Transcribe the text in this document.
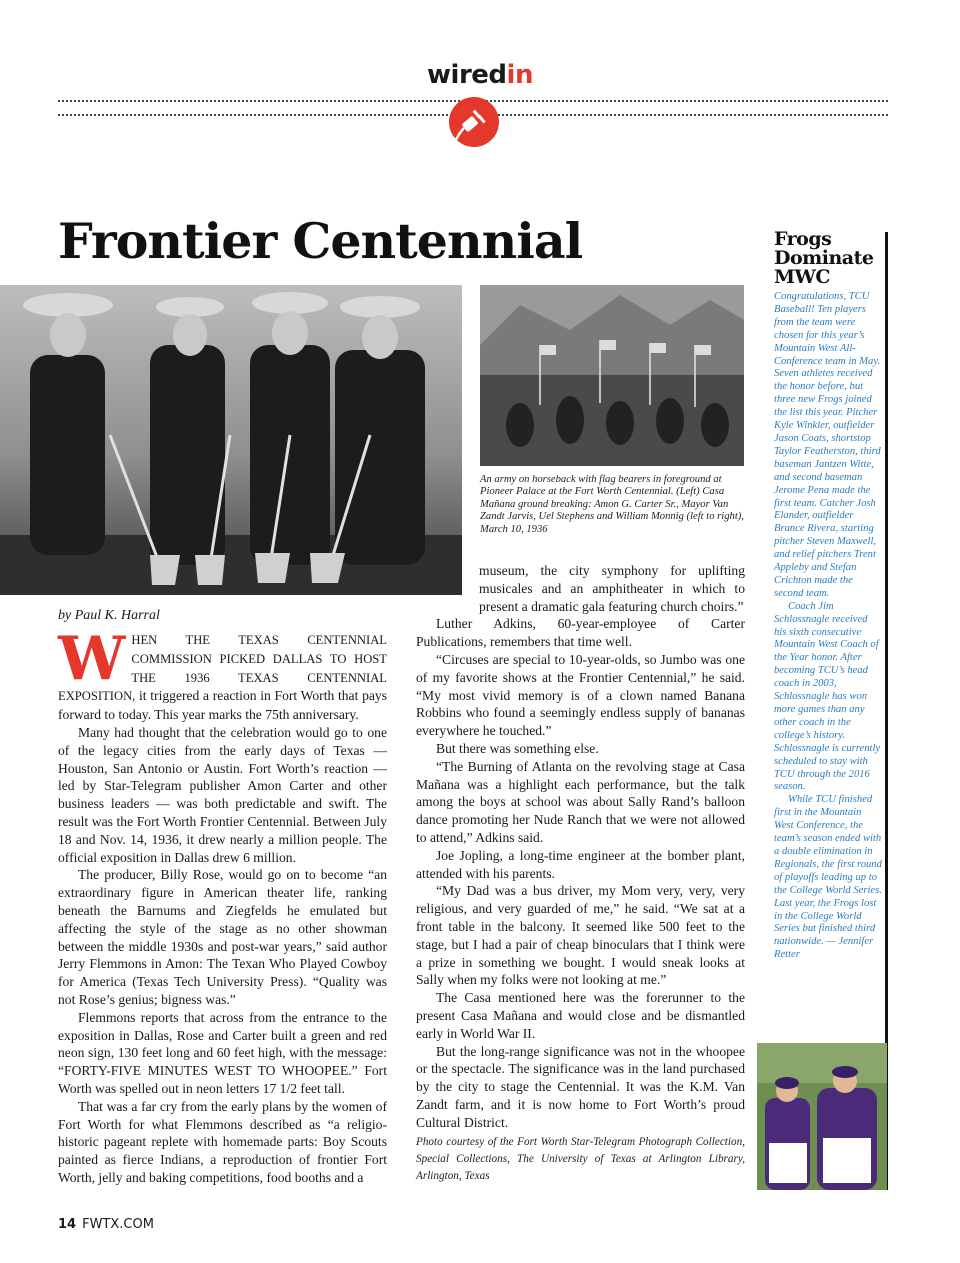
wiredin
Frontier Centennial
An army on horseback with flag bearers in foreground at Pioneer Palace at the Fort Worth Centennial. (Left) Casa Mañana ground breaking: Amon G. Carter Sr., Mayor Van Zandt Jarvis, Uel Stephens and William Monnig (left to right), March 10, 1936
by Paul K. Harral

WHEN THE TEXAS CENTENNIAL COMMISSION PICKED DALLAS TO HOST THE 1936 TEXAS CENTENNIAL EXPOSITION, it triggered a reaction in Fort Worth that pays forward to today. This year marks the 75th anniversary.

Many had thought that the celebration would go to one of the legacy cities from the early days of Texas — Houston, San Antonio or Austin. Fort Worth’s reaction — led by Star-Telegram publisher Amon Carter and other business leaders — was both predictable and swift. The result was the Fort Worth Frontier Centennial. Between July 18 and Nov. 14, 1936, it drew nearly a million people. The official exposition in Dallas drew 6 million.

The producer, Billy Rose, would go on to become “an extraordinary figure in American theater life, ranking beneath the Barnums and Ziegfelds he emulated but affecting the style of the stage as no other showman between the middle 1930s and post-war years,” said author Jerry Flemmons in Amon: The Texan Who Played Cowboy for America (Texas Tech University Press). “Quality was not Rose’s genius; bigness was.”

Flemmons reports that across from the entrance to the exposition in Dallas, Rose and Carter built a green and red neon sign, 130 feet long and 60 feet high, with the message: “FORTY-FIVE MINUTES WEST TO WHOOPEE.” Fort Worth was spelled out in neon letters 17 1/2 feet tall.

That was a far cry from the early plans by the women of Fort Worth for what Flemmons described as “a religio-historic pageant replete with homemade parts: Boy Scouts painted as fierce Indians, a reproduction of frontier Fort Worth, jelly and baking competitions, food booths and a

museum, the city symphony for uplifting musicales and an amphitheater in which to present a dramatic gala featuring church choirs.”

Luther Adkins, 60-year-employee of Carter Publications, remembers that time well.

“Circuses are special to 10-year-olds, so Jumbo was one of my favorite shows at the Frontier Centennial,” he said. “My most vivid memory is of a clown named Banana Robbins who found a seemingly endless supply of bananas everywhere he touched.”

But there was something else.

“The Burning of Atlanta on the revolving stage at Casa Mañana was a highlight each performance, but the talk among the boys at school was about Sally Rand’s balloon dance promoting her Nude Ranch that we were not allowed to attend,” Adkins said.

Joe Jopling, a long-time engineer at the bomber plant, attended with his parents.

“My Dad was a bus driver, my Mom very, very, very religious, and very guarded of me,” he said. “We sat at a front table in the balcony. It seemed like 500 feet to the stage, but I had a pair of cheap binoculars that I think were a prize in something we bought. I would sneak looks at Sally when my folks were not looking at me.”

The Casa mentioned here was the forerunner to the present Casa Mañana and would close and be dismantled early in World War II.

But the long-range significance was not in the whoopee or the spectacle. The significance was in the land purchased by the city to stage the Centennial. It was the K.M. Van Zandt farm, and it is now home to Fort Worth’s proud Cultural District.

Photo courtesy of the Fort Worth Star-Telegram Photograph Collection, Special Collections, The University of Texas at Arlington Library, Arlington, Texas
Frogs
Dominate
MWC

Congratulations, TCU Baseball! Ten players from the team were chosen for this year’s Mountain West All-Conference team in May. Seven athletes received the honor before, but three new Frogs joined the list this year. Pitcher Kyle Winkler, outfielder Jason Coats, shortstop Taylor Featherston, third baseman Jantzen Witte, and second baseman Jerome Pena made the first team. Catcher Josh Elander, outfielder Brance Rivera, starting pitcher Steven Maxwell, and relief pitchers Trent Appleby and Stefan Crichton made the second team.

Coach Jim Schlossnagle received his sixth consecutive Mountain West Coach of the Year honor. After becoming TCU’s head coach in 2003, Schlossnagle has won more games than any other coach in the college’s history. Schlossnagle is currently scheduled to stay with TCU through the 2016 season.

While TCU finished first in the Mountain West Conference, the team’s season ended with a double elimination in Regionals, the first round of playoffs leading up to the College World Series. Last year, the Frogs lost in the College World Series but finished third nationwide. — Jennifer Retter

14 FWTX.COM
